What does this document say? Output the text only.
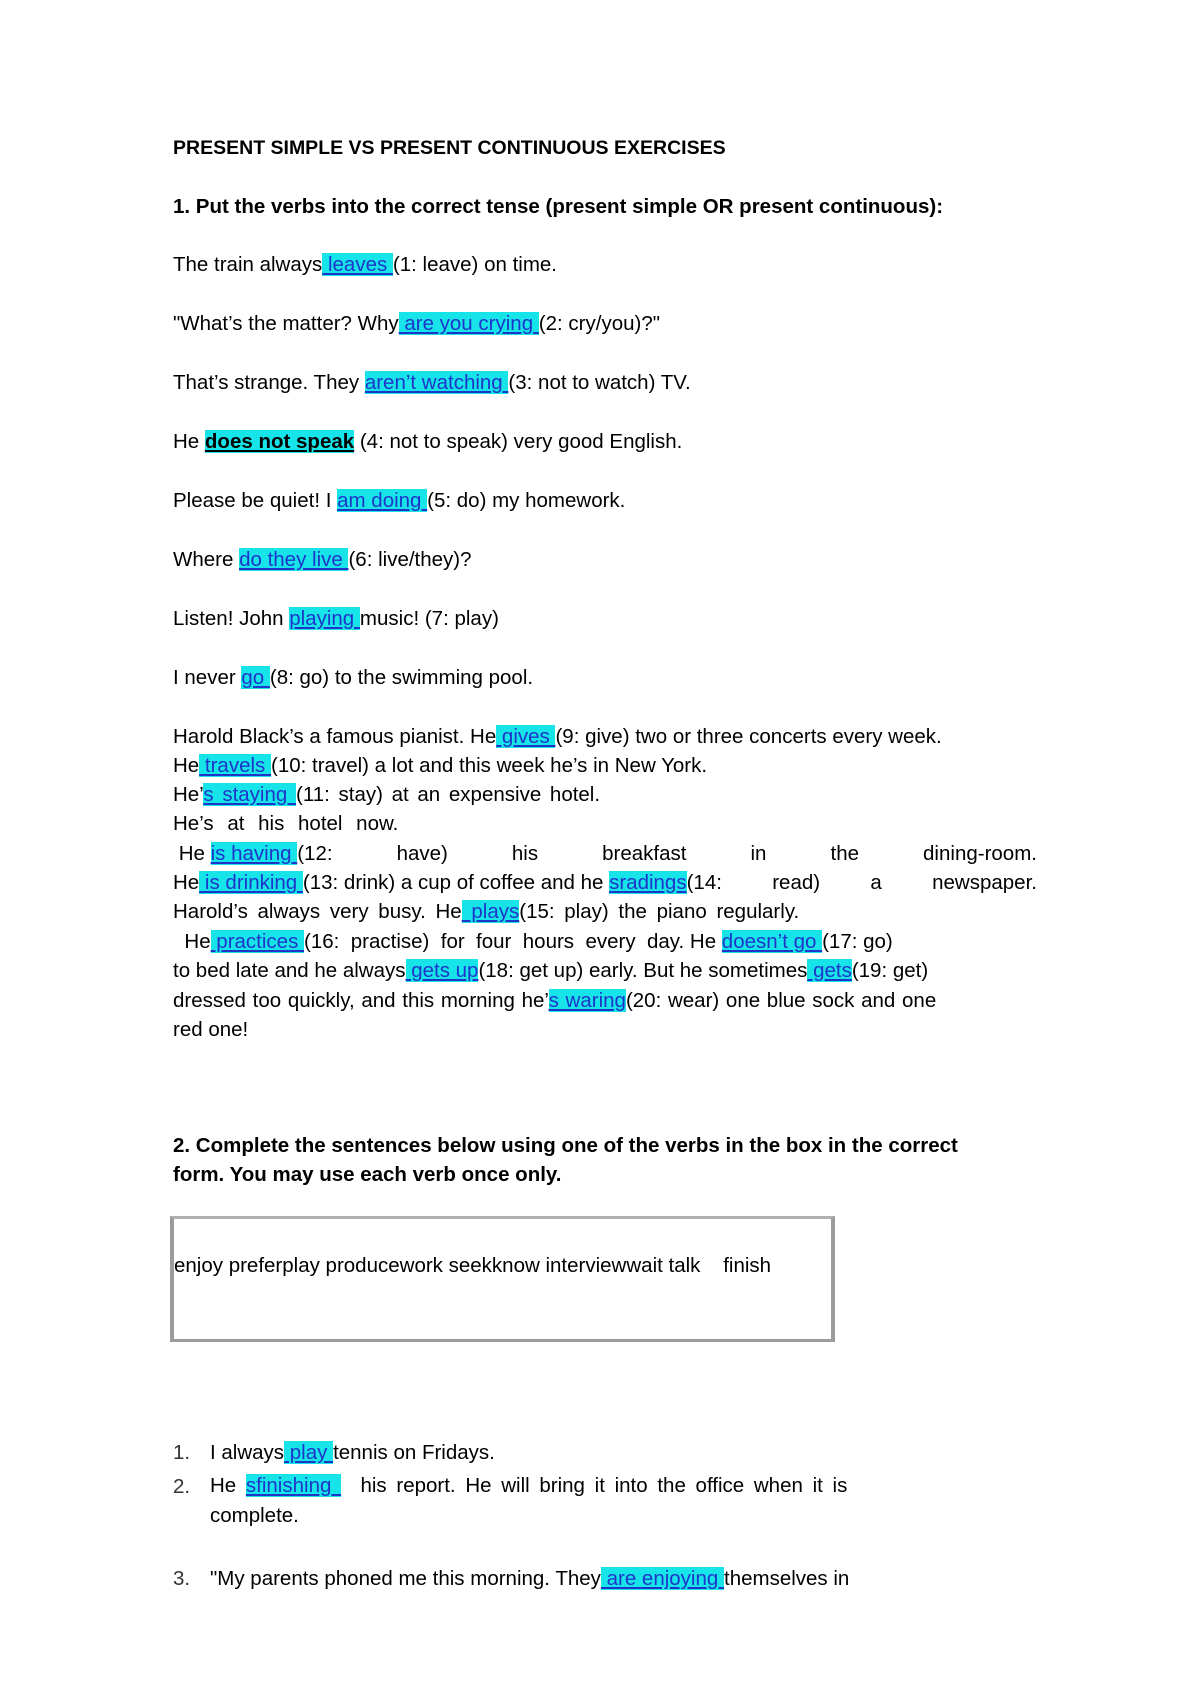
PRESENT SIMPLE VS PRESENT CONTINUOUS EXERCISES
1. Put the verbs into the correct tense (present simple OR present continuous):
The train always leaves (1: leave) on time.
"What’s the matter? Why are you crying (2: cry/you)?"
That’s strange. They aren’t watching (3: not to watch) TV.
He does not speak (4: not to speak) very good English.
Please be quiet! I am doing (5: do) my homework.
Where do they live (6: live/they)?
Listen! John playing music! (7: play)
I never go (8: go) to the swimming pool.
Harold Black’s a famous pianist. He gives (9: give) two or three concerts every week.
He travels (10: travel) a lot and this week he’s in New York.
He’s staying (11: stay) at an expensive hotel.
He’s at his hotel now.
He is having (12:	have)	his	breakfast	in	the	dining-room.
He is drinking (13: drink) a cup of coffee and he sradings(14: read) a newspaper.
Harold’s always very busy. He plays(15: play) the piano regularly.
He practices (16:  practise)  for  four  hours  every  day. He doesn’t go (17: go)
to bed late and he always gets up(18: get up) early. But he sometimes gets(19: get)
dressed too quickly, and this morning he’s waring(20: wear) one blue sock and one
red one!
2. Complete the sentences below using one of the verbs in the box in the correct
form. You may use each verb once only.
enjoy preferplay producework seekknow interviewwait talk    finish
1. I always play tennis on Fridays.
2. He sfinishing   his report. He will bring it into the office when it is
complete.
3. "My parents phoned me this morning. They are enjoying themselves in
